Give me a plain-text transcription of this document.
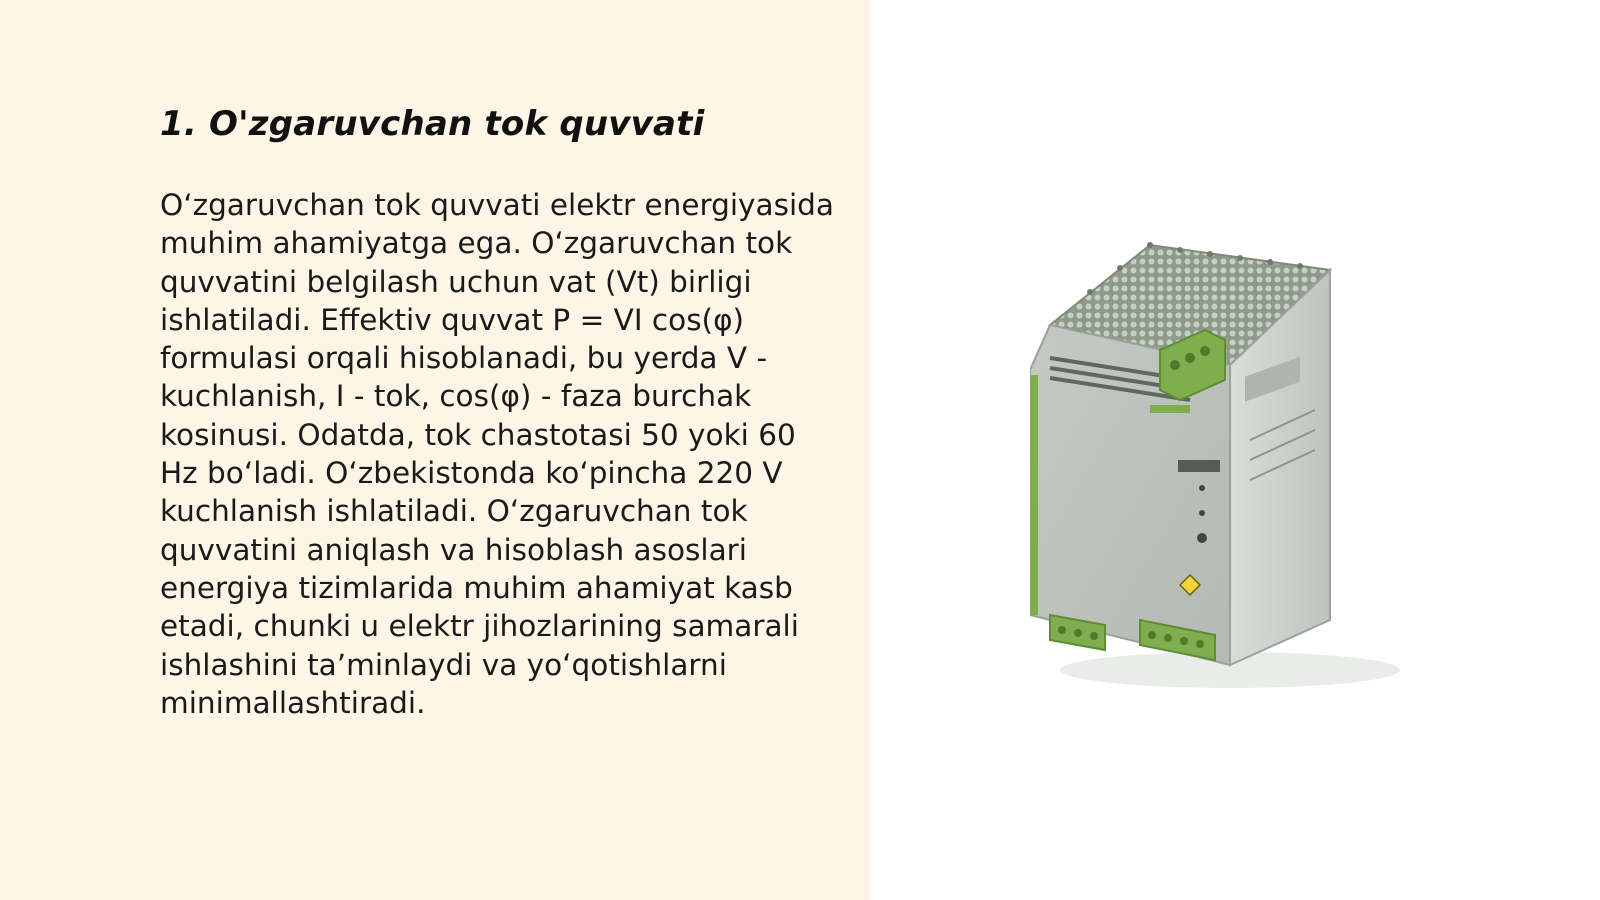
1. O'zgaruvchan tok quvvati

O‘zgaruvchan tok quvvati elektr energiyasida muhim ahamiyatga ega. O‘zgaruvchan tok quvvatini belgilash uchun vat (Vt) birligi ishlatiladi. Effektiv quvvat P = VI cos(φ) formulasi orqali hisoblanadi, bu yerda V - kuchlanish, I - tok, cos(φ) - faza burchak kosinusi. Odatda, tok chastotasi 50 yoki 60 Hz bo‘ladi. O‘zbekistonda ko‘pincha 220 V kuchlanish ishlatiladi. O‘zgaruvchan tok quvvatini aniqlash va hisoblash asoslari energiya tizimlarida muhim ahamiyat kasb etadi, chunki u elektr jihozlarining samarali ishlashini ta’minlaydi va yo‘qotishlarni minimallashtiradi.
